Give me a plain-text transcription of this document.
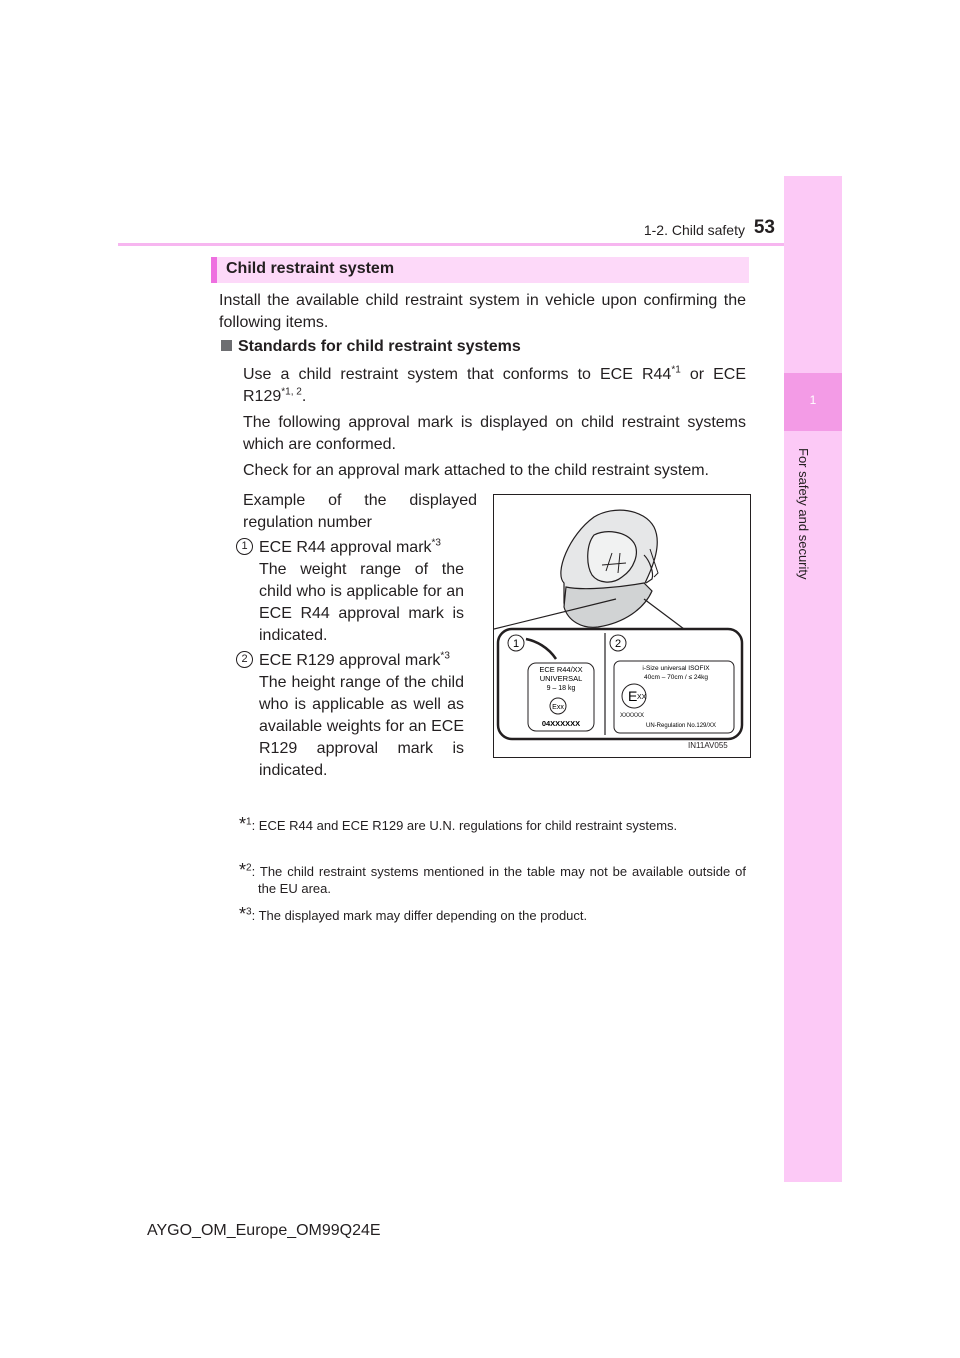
1-2. Child safety 53
1
For safety and security
Child restraint system

Install the available child restraint system in vehicle upon confirming the following items.

Standards for child restraint systems

Use a child restraint system that conforms to ECE R44$^{*1}$ or ECE R129$^{*1, 2}$.

The following approval mark is displayed on child restraint systems which are conformed.

Check for an approval mark attached to the child restraint system.

Example of the displayed regulation number

1 ECE R44 approval mark$^{*3}$
The weight range of the child who is applicable for an ECE R44 approval mark is indicated.

2 ECE R129 approval mark$^{*3}$
The height range of the child who is applicable as well as available weights for an ECE R129 approval mark is indicated.

1	2
ECE R44/XX
UNIVERSAL
9 – 18 kg
Exx
04XXXXXX
i-Size universal ISOFIX
40cm – 70cm / ≤ 24kg
E XX
XXXXXX
UN-Regulation No.129/XX
IN11AV055
*$^1$: ECE R44 and ECE R129 are U.N. regulations for child restraint systems.
*$^2$: The child restraint systems mentioned in the table may not be available outside of the EU area.
*$^3$: The displayed mark may differ depending on the product.
AYGO_OM_Europe_OM99Q24E
